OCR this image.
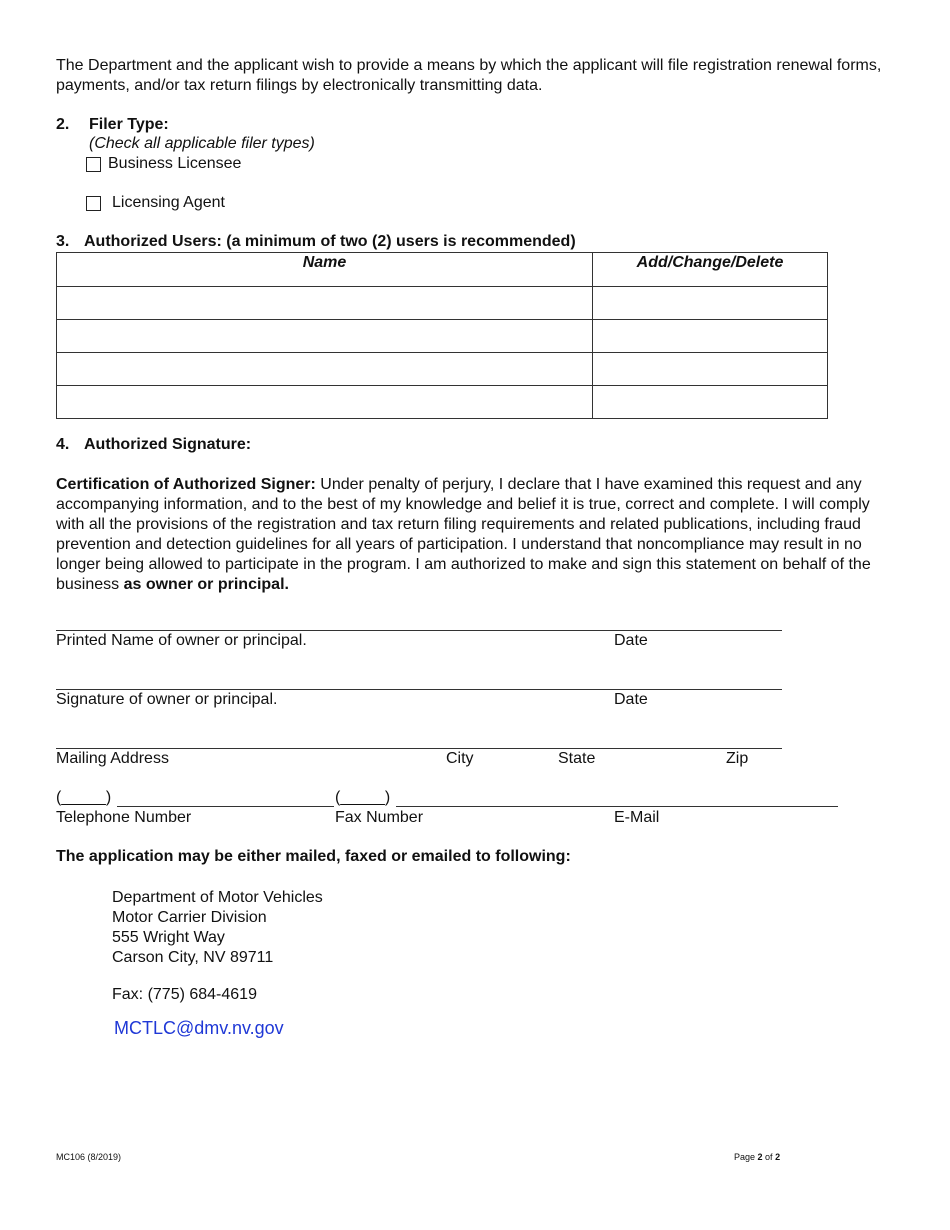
The Department and the applicant wish to provide a means by which the applicant will file registration renewal forms, payments, and/or tax return filings by electronically transmitting data.
2. Filer Type:
(Check all applicable filer types)
Business Licensee
Licensing Agent
3. Authorized Users: (a minimum of two (2) users is recommended)
Name	Add/Change/Delete

4. Authorized Signature:
Certification of Authorized Signer: Under penalty of perjury, I declare that I have examined this request and any accompanying information, and to the best of my knowledge and belief it is true, correct and complete. I will comply with all the provisions of the registration and tax return filing requirements and related publications, including fraud prevention and detection guidelines for all years of participation. I understand that noncompliance may result in no longer being allowed to participate in the program. I am authorized to make and sign this statement on behalf of the business as owner or principal.
Printed Name of owner or principal.	Date
Signature of owner or principal.	Date
Mailing Address	City	State	Zip
(_____)	(_____)
Telephone Number	Fax Number	E-Mail
The application may be either mailed, faxed or emailed to following:
Department of Motor Vehicles
Motor Carrier Division
555 Wright Way
Carson City, NV 89711
Fax: (775) 684-4619
MCTLC@dmv.nv.gov
MC106 (8/2019)	Page 2 of 2
